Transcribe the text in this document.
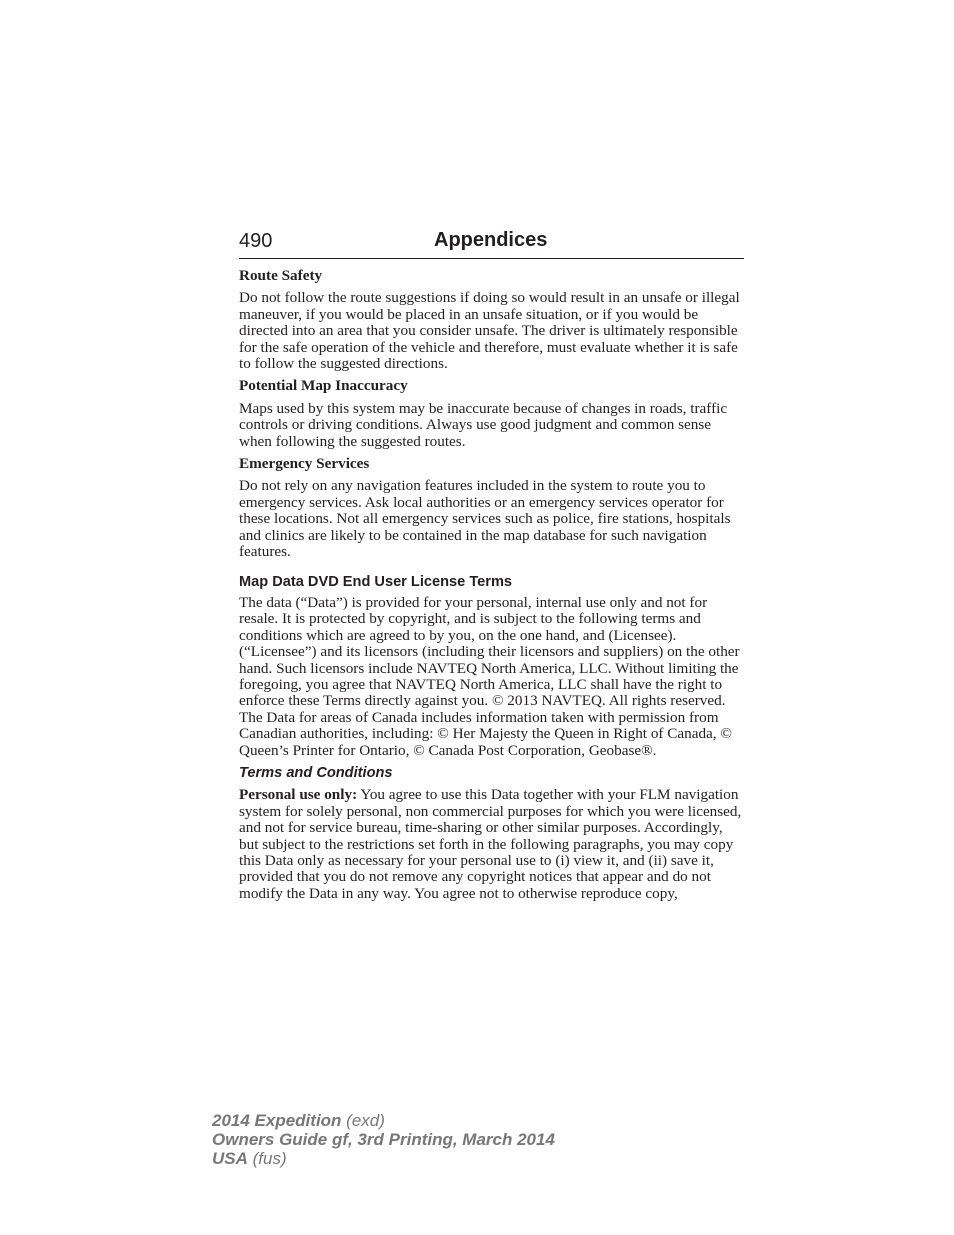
490	Appendices

Route Safety

Do not follow the route suggestions if doing so would result in an unsafe or illegal maneuver, if you would be placed in an unsafe situation, or if you would be directed into an area that you consider unsafe. The driver is ultimately responsible for the safe operation of the vehicle and therefore, must evaluate whether it is safe to follow the suggested directions.

Potential Map Inaccuracy

Maps used by this system may be inaccurate because of changes in roads, traffic controls or driving conditions. Always use good judgment and common sense when following the suggested routes.

Emergency Services

Do not rely on any navigation features included in the system to route you to emergency services. Ask local authorities or an emergency services operator for these locations. Not all emergency services such as police, fire stations, hospitals and clinics are likely to be contained in the map database for such navigation features.

Map Data DVD End User License Terms

The data (“Data”) is provided for your personal, internal use only and not for resale. It is protected by copyright, and is subject to the following terms and conditions which are agreed to by you, on the one hand, and (Licensee). (“Licensee”) and its licensors (including their licensors and suppliers) on the other hand. Such licensors include NAVTEQ North America, LLC. Without limiting the foregoing, you agree that NAVTEQ North America, LLC shall have the right to enforce these Terms directly against you. © 2013 NAVTEQ. All rights reserved. The Data for areas of Canada includes information taken with permission from Canadian authorities, including: © Her Majesty the Queen in Right of Canada, © Queen’s Printer for Ontario, © Canada Post Corporation, Geobase®.

Terms and Conditions

Personal use only: You agree to use this Data together with your FLM navigation system for solely personal, non commercial purposes for which you were licensed, and not for service bureau, time-sharing or other similar purposes. Accordingly, but subject to the restrictions set forth in the following paragraphs, you may copy this Data only as necessary for your personal use to (i) view it, and (ii) save it, provided that you do not remove any copyright notices that appear and do not modify the Data in any way. You agree not to otherwise reproduce copy,

2014 Expedition (exd)
Owners Guide gf, 3rd Printing, March 2014
USA (fus)
